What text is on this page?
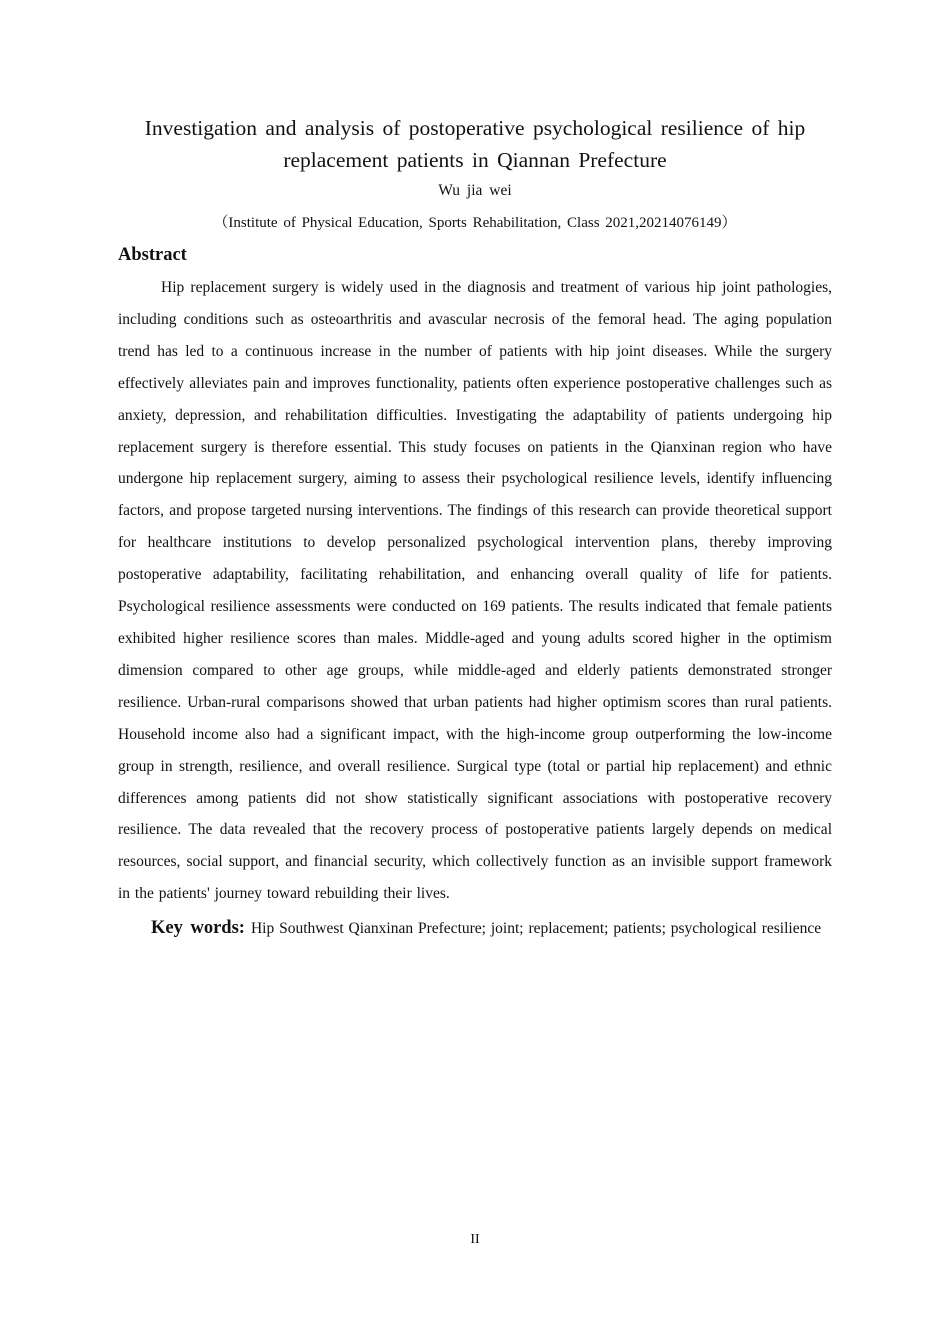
Investigation and analysis of postoperative psychological resilience of hip replacement patients in Qiannan Prefecture
Wu jia wei
（Institute of Physical Education, Sports Rehabilitation, Class 2021,20214076149）
Abstract

Hip replacement surgery is widely used in the diagnosis and treatment of various hip joint pathologies, including conditions such as osteoarthritis and avascular necrosis of the femoral head. The aging population trend has led to a continuous increase in the number of patients with hip joint diseases. While the surgery effectively alleviates pain and improves functionality, patients often experience postoperative challenges such as anxiety, depression, and rehabilitation difficulties. Investigating the adaptability of patients undergoing hip replacement surgery is therefore essential. This study focuses on patients in the Qianxinan region who have undergone hip replacement surgery, aiming to assess their psychological resilience levels, identify influencing factors, and propose targeted nursing interventions. The findings of this research can provide theoretical support for healthcare institutions to develop personalized psychological intervention plans, thereby improving postoperative adaptability, facilitating rehabilitation, and enhancing overall quality of life for patients. Psychological resilience assessments were conducted on 169 patients. The results indicated that female patients exhibited higher resilience scores than males. Middle-aged and young adults scored higher in the optimism dimension compared to other age groups, while middle-aged and elderly patients demonstrated stronger resilience. Urban-rural comparisons showed that urban patients had higher optimism scores than rural patients. Household income also had a significant impact, with the high-income group outperforming the low-income group in strength, resilience, and overall resilience. Surgical type (total or partial hip replacement) and ethnic differences among patients did not show statistically significant associations with postoperative recovery resilience. The data revealed that the recovery process of postoperative patients largely depends on medical resources, social support, and financial security, which collectively function as an invisible support framework in the patients' journey toward rebuilding their lives.

Key words: Hip Southwest Qianxinan Prefecture; joint; replacement; patients; psychological resilience

II
